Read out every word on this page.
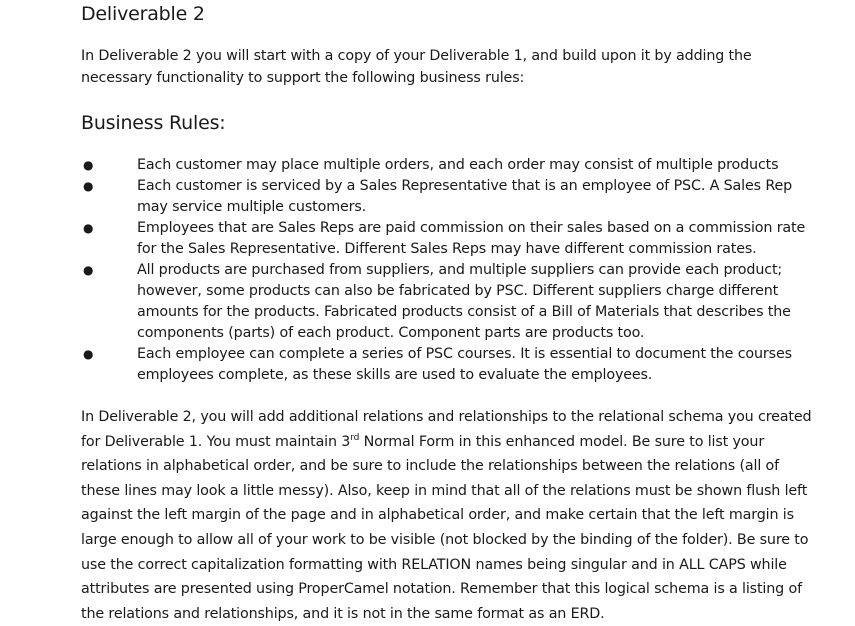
Deliverable 2

In Deliverable 2 you will start with a copy of your Deliverable 1, and build upon it by adding the necessary functionality to support the following business rules:

Business Rules:
●	Each customer may place multiple orders, and each order may consist of multiple products
●	Each customer is serviced by a Sales Representative that is an employee of PSC. A Sales Rep may service multiple customers.
●	Employees that are Sales Reps are paid commission on their sales based on a commission rate for the Sales Representative. Different Sales Reps may have different commission rates.
●	All products are purchased from suppliers, and multiple suppliers can provide each product; however, some products can also be fabricated by PSC. Different suppliers charge different amounts for the products. Fabricated products consist of a Bill of Materials that describes the components (parts) of each product. Component parts are products too.
●	Each employee can complete a series of PSC courses. It is essential to document the courses employees complete, as these skills are used to evaluate the employees.

In Deliverable 2, you will add additional relations and relationships to the relational schema you created for Deliverable 1. You must maintain 3rd Normal Form in this enhanced model. Be sure to list your relations in alphabetical order, and be sure to include the relationships between the relations (all of these lines may look a little messy). Also, keep in mind that all of the relations must be shown flush left against the left margin of the page and in alphabetical order, and make certain that the left margin is large enough to allow all of your work to be visible (not blocked by the binding of the folder). Be sure to use the correct capitalization formatting with RELATION names being singular and in ALL CAPS while attributes are presented using ProperCamel notation. Remember that this logical schema is a listing of the relations and relationships, and it is not in the same format as an ERD.
